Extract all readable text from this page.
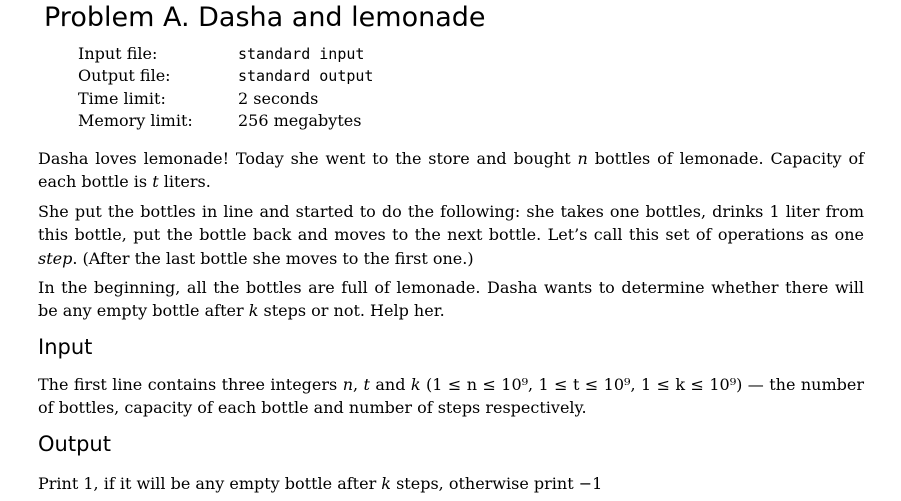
Problem A. Dasha and lemonade
Input file:	standard input
Output file:	standard output
Time limit:	2 seconds
Memory limit:	256 megabytes

Dasha loves lemonade! Today she went to the store and bought n bottles of lemonade. Capacity of each bottle is t liters.

She put the bottles in line and started to do the following: she takes one bottles, drinks 1 liter from this bottle, put the bottle back and moves to the next bottle. Let’s call this set of operations as one step. (After the last bottle she moves to the first one.)

In the beginning, all the bottles are full of lemonade. Dasha wants to determine whether there will be any empty bottle after k steps or not. Help her.

Input

The first line contains three integers n, t and k (1 ≤ n ≤ 10⁹, 1 ≤ t ≤ 10⁹, 1 ≤ k ≤ 10⁹) — the number of bottles, capacity of each bottle and number of steps respectively.

Output

Print 1, if it will be any empty bottle after k steps, otherwise print −1
